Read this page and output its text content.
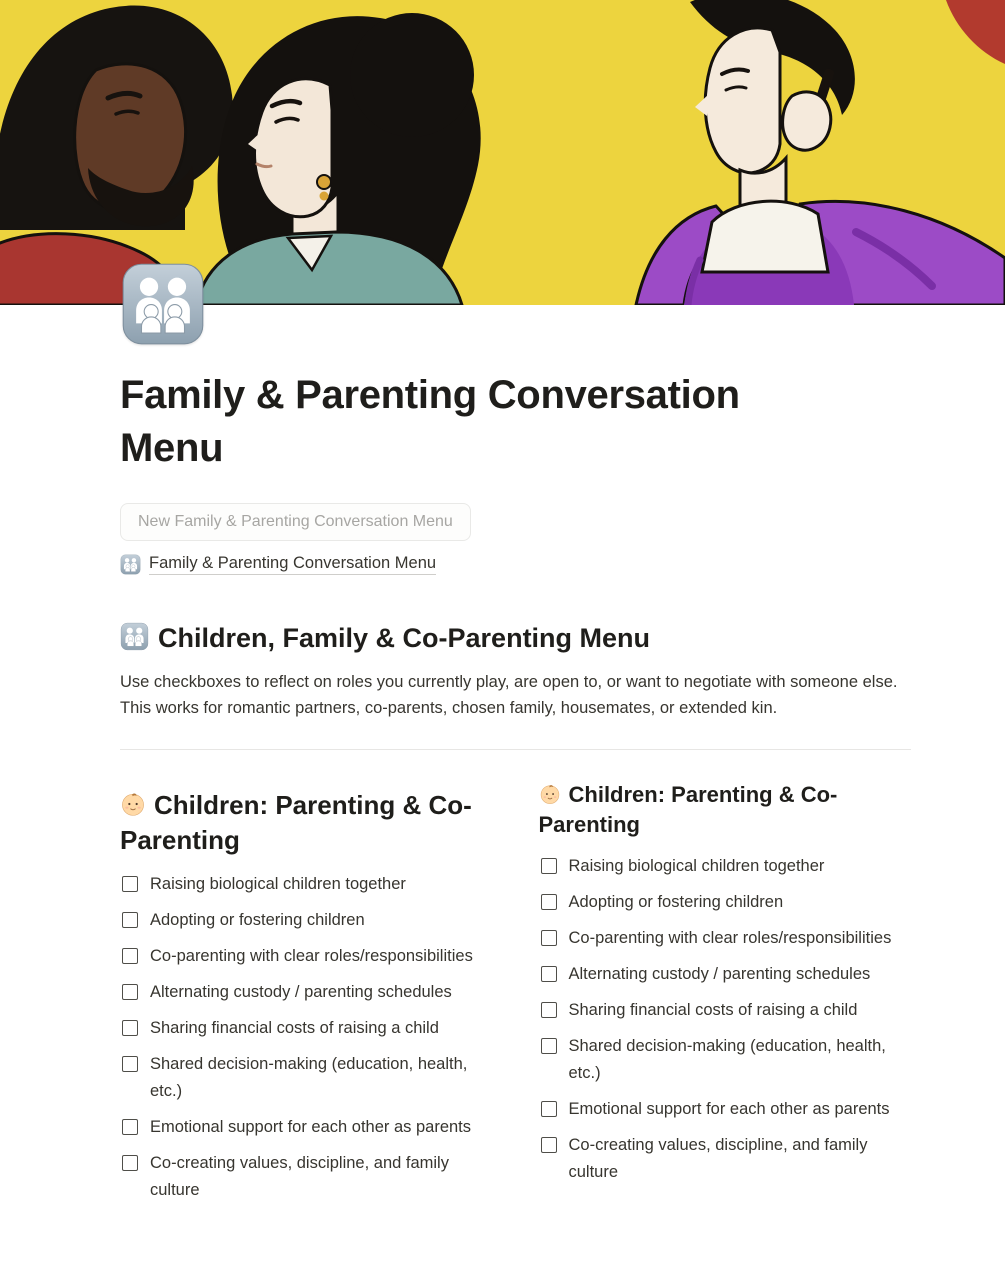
Family & Parenting Conversation Menu
New Family & Parenting Conversation Menu
Family & Parenting Conversation Menu
Children, Family & Co-Parenting Menu

Use checkboxes to reflect on roles you currently play, are open to, or want to negotiate with someone else. This works for romantic partners, co-parents, chosen family, housemates, or extended kin.

Children: Parenting & Co-Parenting
Raising biological children together
Adopting or fostering children
Co-parenting with clear roles/responsibilities
Alternating custody / parenting schedules
Sharing financial costs of raising a child
Shared decision-making (education, health, etc.)
Emotional support for each other as parents
Co-creating values, discipline, and family culture
Children: Parenting & Co-Parenting
Raising biological children together
Adopting or fostering children
Co-parenting with clear roles/responsibilities
Alternating custody / parenting schedules
Sharing financial costs of raising a child
Shared decision-making (education, health, etc.)
Emotional support for each other as parents
Co-creating values, discipline, and family culture
